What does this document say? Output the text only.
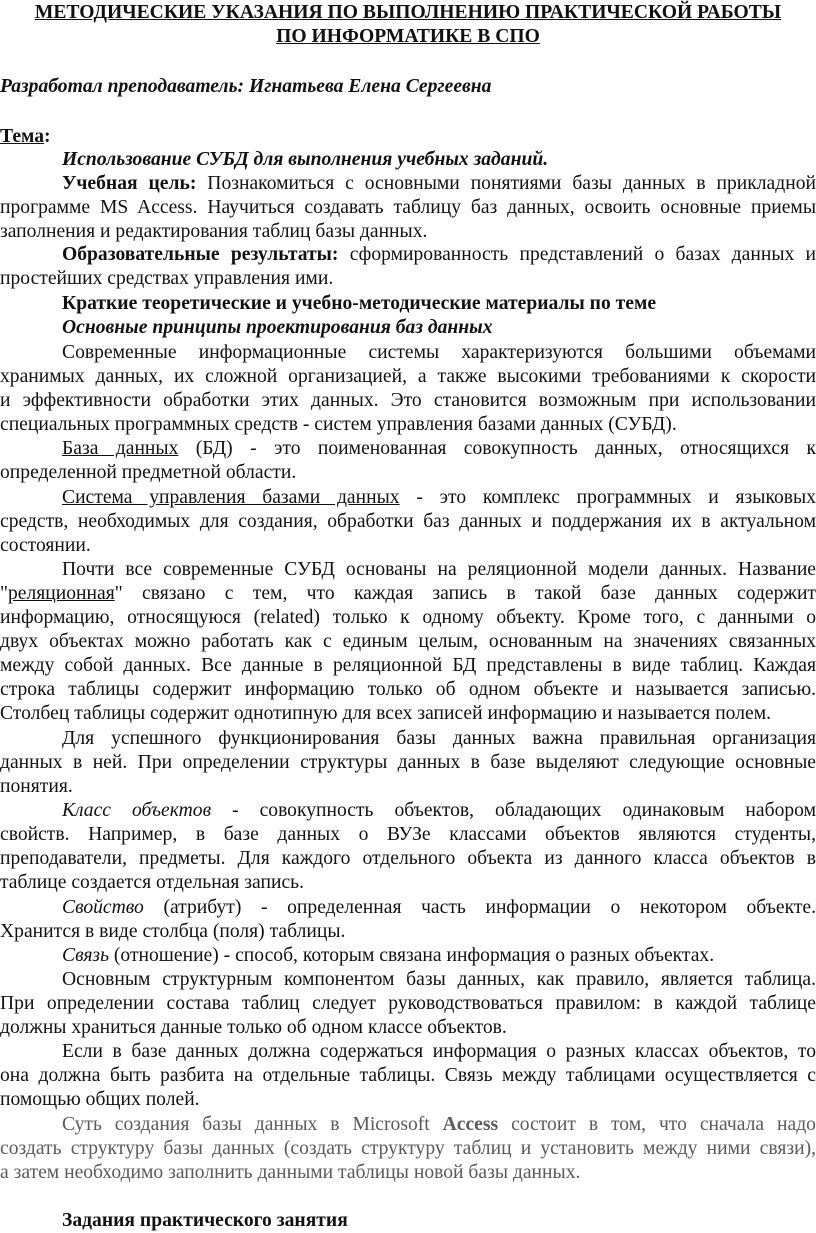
МЕТОДИЧЕСКИЕ УКАЗАНИЯ ПО ВЫПОЛНЕНИЮ ПРАКТИЧЕСКОЙ РАБОТЫ
ПО ИНФОРМАТИКЕ В СПО
Разработал преподаватель: Игнатьева Елена Сергеевна
Тема:
Использование СУБД для выполнения учебных заданий.
Учебная цель: Познакомиться с основными понятиями базы данных в прикладной
программе MS Access. Научиться создавать таблицу баз данных, освоить основные приемы
заполнения и редактирования таблиц базы данных.
Образовательные результаты: сформированность представлений о базах данных и
простейших средствах управления ими.
Краткие теоретические и учебно-методические материалы по теме
Основные принципы проектирования баз данных
Современные информационные системы характеризуются большими объемами
хранимых данных, их сложной организацией, а также высокими требованиями к скорости
и эффективности обработки этих данных. Это становится возможным при использовании
специальных программных средств - систем управления базами данных (СУБД).
База данных (БД) - это поименованная совокупность данных, относящихся к
определенной предметной области.
Система управления базами данных - это комплекс программных и языковых
средств, необходимых для создания, обработки баз данных и поддержания их в актуальном
состоянии.
Почти все современные СУБД основаны на реляционной модели данных. Название
"реляционная" связано с тем, что каждая запись в такой базе данных содержит
информацию, относящуюся (related) только к одному объекту. Кроме того, с данными о
двух объектах можно работать как с единым целым, основанным на значениях связанных
между собой данных. Все данные в реляционной БД представлены в виде таблиц. Каждая
строка таблицы содержит информацию только об одном объекте и называется записью.
Столбец таблицы содержит однотипную для всех записей информацию и называется полем.
Для успешного функционирования базы данных важна правильная организация
данных в ней. При определении структуры данных в базе выделяют следующие основные
понятия.
Класс объектов - совокупность объектов, обладающих одинаковым набором
свойств. Например, в базе данных о ВУЗе классами объектов являются студенты,
преподаватели, предметы. Для каждого отдельного объекта из данного класса объектов в
таблице создается отдельная запись.
Свойство (атрибут) - определенная часть информации о некотором объекте.
Хранится в виде столбца (поля) таблицы.
Связь (отношение) - способ, которым связана информация о разных объектах.
Основным структурным компонентом базы данных, как правило, является таблица.
При определении состава таблиц следует руководствоваться правилом: в каждой таблице
должны храниться данные только об одном классе объектов.
Если в базе данных должна содержаться информация о разных классах объектов, то
она должна быть разбита на отдельные таблицы. Связь между таблицами осуществляется с
помощью общих полей.
Суть создания базы данных в Microsoft Access состоит в том, что сначала надо
создать структуру базы данных (создать структуру таблиц и установить между ними связи),
а затем необходимо заполнить данными таблицы новой базы данных.
Задания практического занятия
